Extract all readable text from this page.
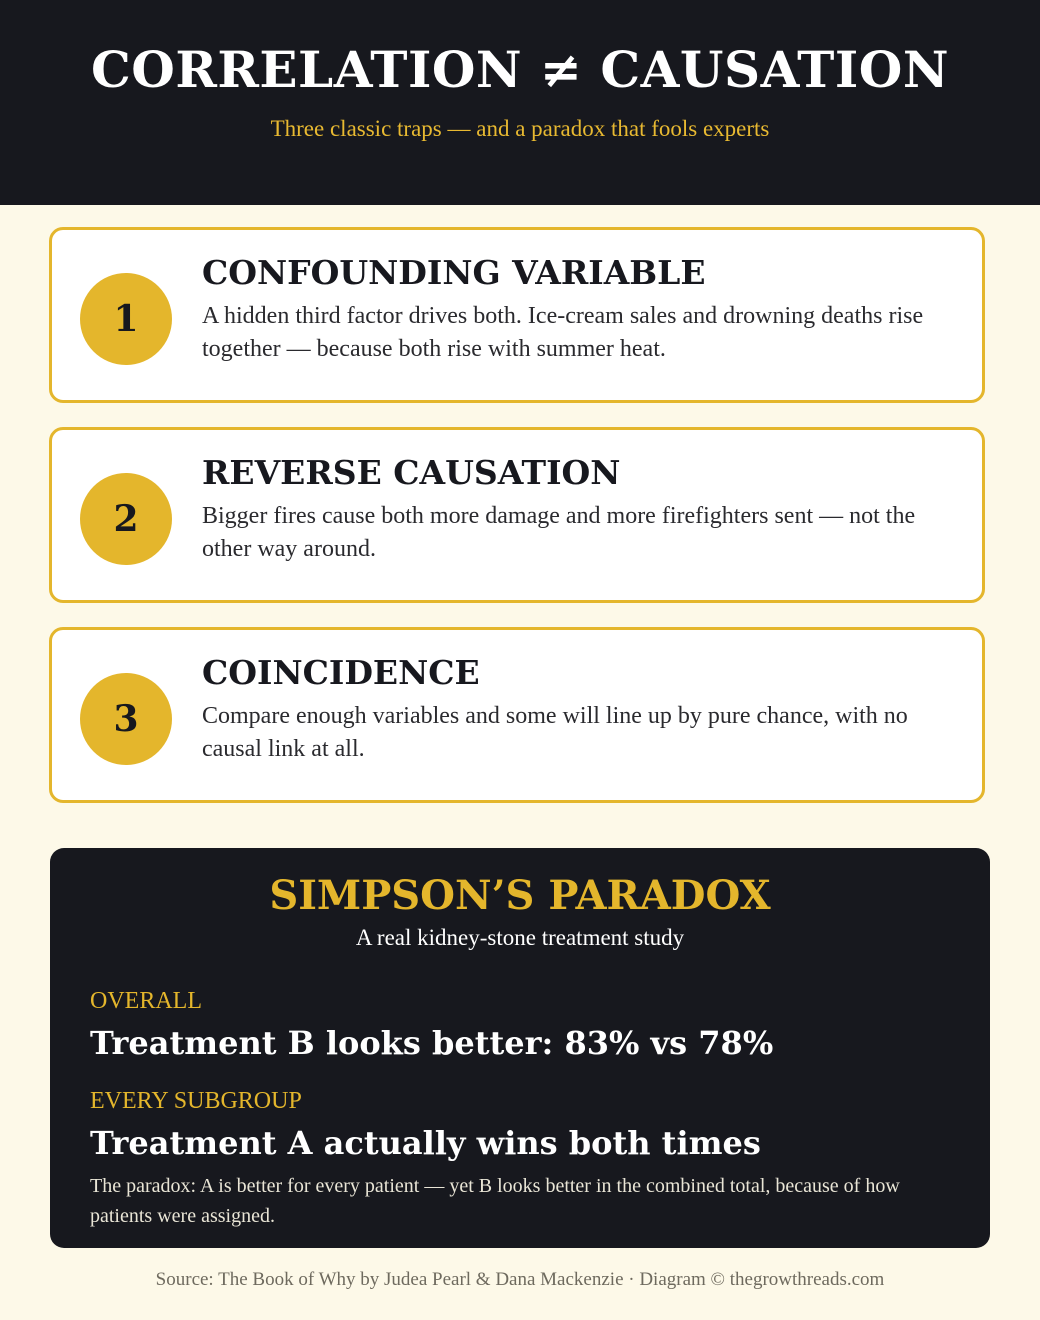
CORRELATION ≠ CAUSATION
Three classic traps — and a paradox that fools experts
1
CONFOUNDING VARIABLE
A hidden third factor drives both. Ice-cream sales and drowning deaths rise together — because both rise with summer heat.
2
REVERSE CAUSATION
Bigger fires cause both more damage and more firefighters sent — not the other way around.
3
COINCIDENCE
Compare enough variables and some will line up by pure chance, with no causal link at all.
SIMPSON’S PARADOX
A real kidney-stone treatment study
OVERALL
Treatment B looks better: 83% vs 78%
EVERY SUBGROUP
Treatment A actually wins both times
The paradox: A is better for every patient — yet B looks better in the combined total, because of how patients were assigned.
Source: The Book of Why by Judea Pearl & Dana Mackenzie · Diagram © thegrowthreads.com
